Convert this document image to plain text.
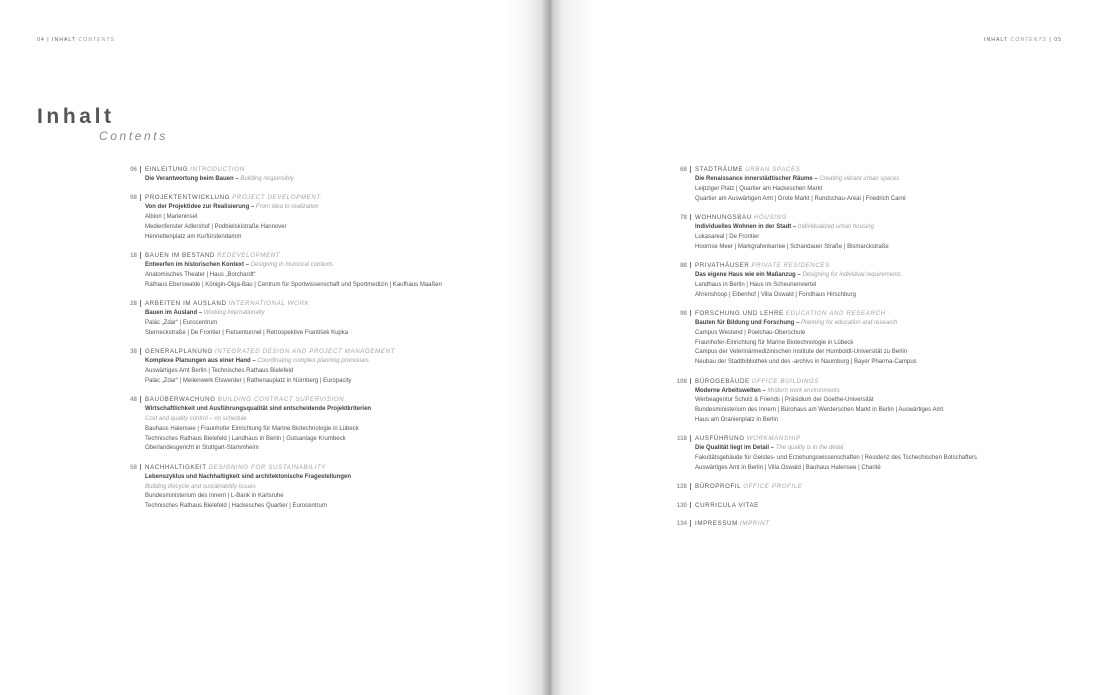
04 | INHALT CONTENTS
Inhalt
Contents
06 EINLEITUNG INTRODUCTION
Die Verantwortung beim Bauen – Building responsibly
08 PROJEKTENTWICKLUNG PROJECT DEVELOPMENT
Von der Projektidee zur Realisierung – From idea to realization
Albion | Marieninsel
Medienfenster Adlershof | Podbielskistraße Hannover
Henriettenplatz am Kurfürstendamm
18 BAUEN IM BESTAND REDEVELOPMENT
Entwerfen im historischen Kontext – Designing in historical contexts
Anatomisches Theater | Haus „Borchardt“
Rathaus Eberswalde | Königin-Olga-Bau | Centrum für Sportwissenschaft und Sportmedizin | Kaufhaus Maaßen
28 ARBEITEN IM AUSLAND INTERNATIONAL WORK
Bauen im Ausland – Working internationally
Palác „Zdar“ | Eurocentrum
Sterneckstraße | De Frontier | Fietsentunnel | Retrospektive František Kupka
38 GENERALPLANUNG INTEGRATED DESIGN AND PROJECT MANAGEMENT
Komplexe Planungen aus einer Hand – Coordinating complex planning processes
Auswärtiges Amt Berlin | Technisches Rathaus Bielefeld
Palác „Zdar“ | Meilenwerk Elswerder | Rathenauplatz in Nürnberg | Europacity
48 BAUÜBERWACHUNG BUILDING CONTRACT SUPERVISION
Wirtschaftlichkeit und Ausführungsqualität sind entscheidende Projektkriterien
Cost and quality control – on schedule
Bauhaus Halensee | Fraunhofer Einrichtung für Marine Biotechnologie in Lübeck
Technisches Rathaus Bielefeld | Landhaus in Berlin | Gutsanlage Krumbeck
Oberlandesgericht in Stuttgart-Stammheim
58 NACHHALTIGKEIT DESIGNING FOR SUSTAINABILITY
Lebenszyklus und Nachhaltigkeit sind architektonische Fragestellungen
Building lifecycle and sustainability issues
Bundesministerium des Innern | L-Bank in Karlsruhe
Technisches Rathaus Bielefeld | Hackesches Quartier | Eurocentrum
INHALT CONTENTS | 05
68 STADTRÄUME URBAN SPACES
Die Renaissance innerstädtischer Räume – Creating vibrant urban spaces
Leipziger Platz | Quartier am Hackeschen Markt
Quartier am Auswärtigen Amt | Grote Markt | Rundschau-Areal | Friedrich Carré
78 WOHNUNGSBAU HOUSING
Individuelles Wohnen in der Stadt – Individualized urban housing
Lukasareal | De Frontier
Hoornse Meer | Markgrafenkarree | Schandauer Straße | Bismarckstraße
88 PRIVATHÄUSER PRIVATE RESIDENCES
Das eigene Haus wie ein Maßanzug – Designing for individual requirements
Landhaus in Berlin | Haus im Scheunenviertel
Ahrenshoop | Eibenhof | Villa Oswald | Forsthaus Hirschburg
98 FORSCHUNG UND LEHRE EDUCATION AND RESEARCH
Bauten für Bildung und Forschung – Planning for education and research
Campus Westend | Poelchau-Oberschule
Fraunhofer-Einrichtung für Marine Biotechnologie in Lübeck
Campus der Veterinärmedizinischen Institute der Humboldt-Universität zu Berlin
Neubau der Stadtbibliothek und des -archivs in Naumburg | Bayer Pharma-Campus
108 BÜROGEBÄUDE OFFICE BUILDINGS
Moderne Arbeitswelten – Modern work environments
Werbeagentur Scholz & Friends | Präsidium der Goethe-Universität
Bundesministerium des Innern | Bürohaus am Werderschen Markt in Berlin | Auswärtiges Amt
Haus am Oranienplatz in Berlin
118 AUSFÜHRUNG WORKMANSHIP
Die Qualität liegt im Detail – The quality is in the detail
Fakultätsgebäude für Geistes- und Erziehungswissenschaften | Residenz des Tschechischen Botschafters
Auswärtiges Amt in Berlin | Villa Oswald | Bauhaus Halensee | Charité
128 BÜROPROFIL OFFICE PROFILE
130 CURRICULA VITAE
134 IMPRESSUM IMPRINT
